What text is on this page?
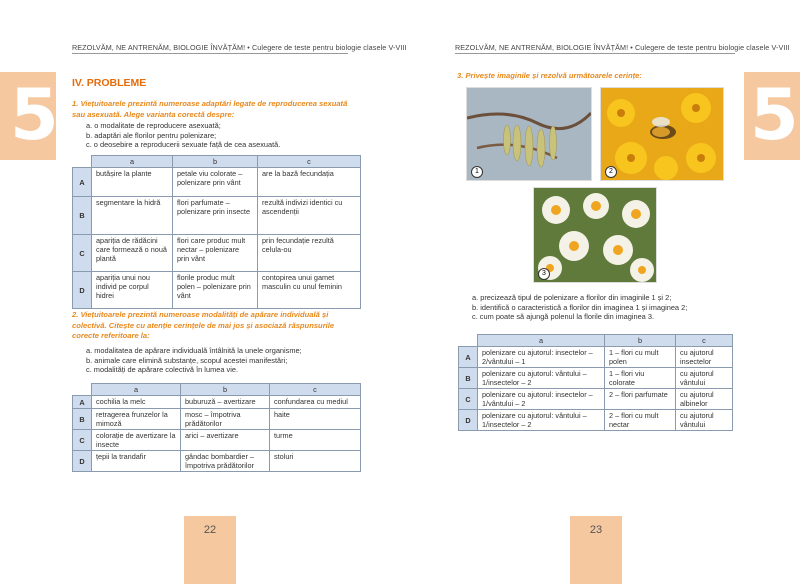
REZOLVĂM, NE ANTRENĂM, BIOLOGIE ÎNVĂȚĂM! • Culegere de teste pentru biologie clasele V-VIII
5 IV. PROBLEME
1. Viețuitoarele prezintă numeroase adaptări legate de reproducerea sexuată sau asexuată. Alege varianta corectă despre:
a. o modalitate de reproducere asexuată;
b. adaptări ale florilor pentru polenizare;
c. o deosebire a reproducerii sexuate față de cea asexuată.
	a	b	c
A	butășire la plante	petale viu colorate – polenizare prin vânt	are la bază fecundația
B	segmentare la hidră	flori parfumate – polenizare prin insecte	rezultă indivizi identici cu ascendenții
C	apariția de rădăcini care formează o nouă plantă	flori care produc mult nectar – polenizare prin vânt	prin fecundație rezultă celula-ou
D	apariția unui nou individ pe corpul hidrei	florile produc mult polen – polenizare prin vânt	contopirea unui gamet masculin cu unul feminin
2. Viețuitoarele prezintă numeroase modalități de apărare individuală și colectivă. Citește cu atenție cerințele de mai jos și asociază răspunsurile corecte referitoare la:
a. modalitatea de apărare individuală întâlnită la unele organisme;
b. animale care elimină substanțe, scopul acestei manifestări;
c. modalități de apărare colectivă în lumea vie.
	a	b	c
A	cochilia la melc	buburuză – avertizare	confundarea cu mediul
B	retragerea frunzelor la mimoză	mosc – împotriva prădătorilor	haite
C	colorație de avertizare la insecte	arici – avertizare	turme
D	țepii la trandafir	gândac bombardier – împotriva prădătorilor	stoluri
22
REZOLVĂM, NE ANTRENĂM, BIOLOGIE ÎNVĂȚĂM! • Culegere de teste pentru biologie clasele V-VIII
5
3. Privește imaginile și rezolvă următoarele cerințe:
1	2
3
a. precizează tipul de polenizare a florilor din imaginile 1 și 2;
b. identifică o caracteristică a florilor din imaginea 1 și imaginea 2;
c. cum poate să ajungă polenul la florile din imaginea 3.
	a	b	c
A	polenizare cu ajutorul: insectelor – 2/vântului – 1	1 – flori cu mult polen	cu ajutorul insectelor
B	polenizare cu ajutorul: vântului – 1/insectelor – 2	1 – flori viu colorate	cu ajutorul vântului
C	polenizare cu ajutorul: insectelor – 1/vântului – 2	2 – flori parfumate	cu ajutorul albinelor
D	polenizare cu ajutorul: vântului – 1/insectelor – 2	2 – flori cu mult nectar	cu ajutorul vântului
23
